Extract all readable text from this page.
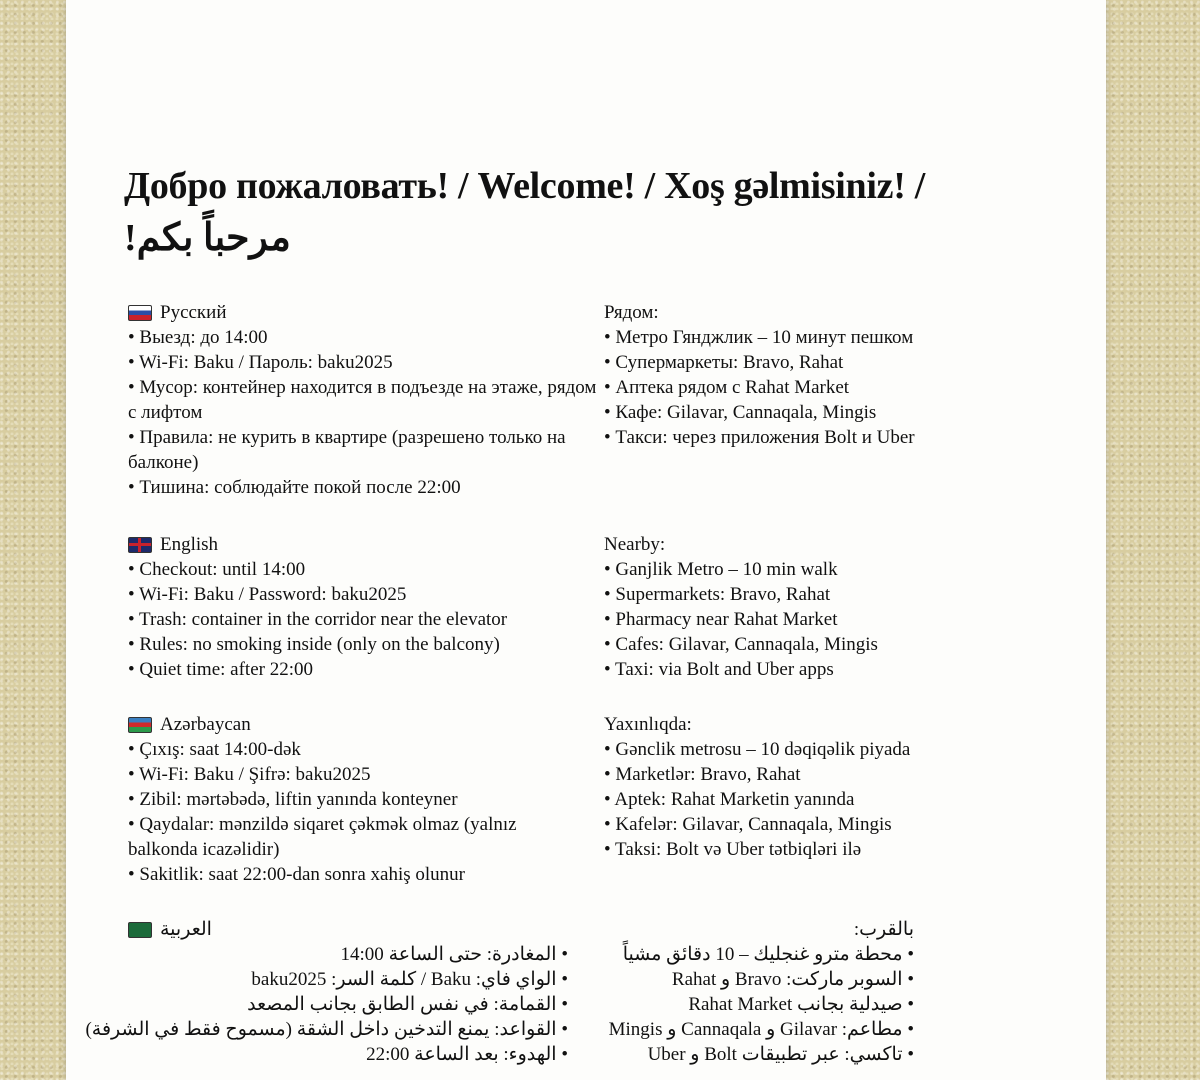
Добро пожаловать! / Welcome! / Xoş gəlmisiniz! /
مرحباً بكم!
Русский
• Выезд: до 14:00
• Wi-Fi: Baku / Пароль: baku2025
• Мусор: контейнер находится в подъезде на этаже, рядом с лифтом
• Правила: не курить в квартире (разрешено только на балконе)
• Тишина: соблюдайте покой после 22:00
Рядом:
• Метро Гянджлик – 10 минут пешком
• Супермаркеты: Bravo, Rahat
• Аптека рядом с Rahat Market
• Кафе: Gilavar, Cannaqala, Mingis
• Такси: через приложения Bolt и Uber
English
• Checkout: until 14:00
• Wi-Fi: Baku / Password: baku2025
• Trash: container in the corridor near the elevator
• Rules: no smoking inside (only on the balcony)
• Quiet time: after 22:00
Nearby:
• Ganjlik Metro – 10 min walk
• Supermarkets: Bravo, Rahat
• Pharmacy near Rahat Market
• Cafes: Gilavar, Cannaqala, Mingis
• Taxi: via Bolt and Uber apps
Azərbaycan
• Çıxış: saat 14:00-dək
• Wi-Fi: Baku / Şifrə: baku2025
• Zibil: mərtəbədə, liftin yanında konteyner
• Qaydalar: mənzildə siqaret çəkmək olmaz (yalnız balkonda icazəlidir)
• Sakitlik: saat 22:00-dan sonra xahiş olunur
Yaxınlıqda:
• Gənclik metrosu – 10 dəqiqəlik piyada
• Marketlər: Bravo, Rahat
• Aptek: Rahat Marketin yanında
• Kafelər: Gilavar, Cannaqala, Mingis
• Taksi: Bolt və Uber tətbiqləri ilə
العربية
• المغادرة: حتى الساعة 14:00
• الواي فاي: Baku / كلمة السر: baku2025
• القمامة: في نفس الطابق بجانب المصعد
• القواعد: يمنع التدخين داخل الشقة (مسموح فقط في الشرفة)
• الهدوء: بعد الساعة 22:00
بالقرب:
• محطة مترو غنجليك – 10 دقائق مشياً
• السوبر ماركت: Bravo و Rahat
• صيدلية بجانب Rahat Market
• مطاعم: Gilavar و Cannaqala و Mingis
• تاكسي: عبر تطبيقات Bolt و Uber
